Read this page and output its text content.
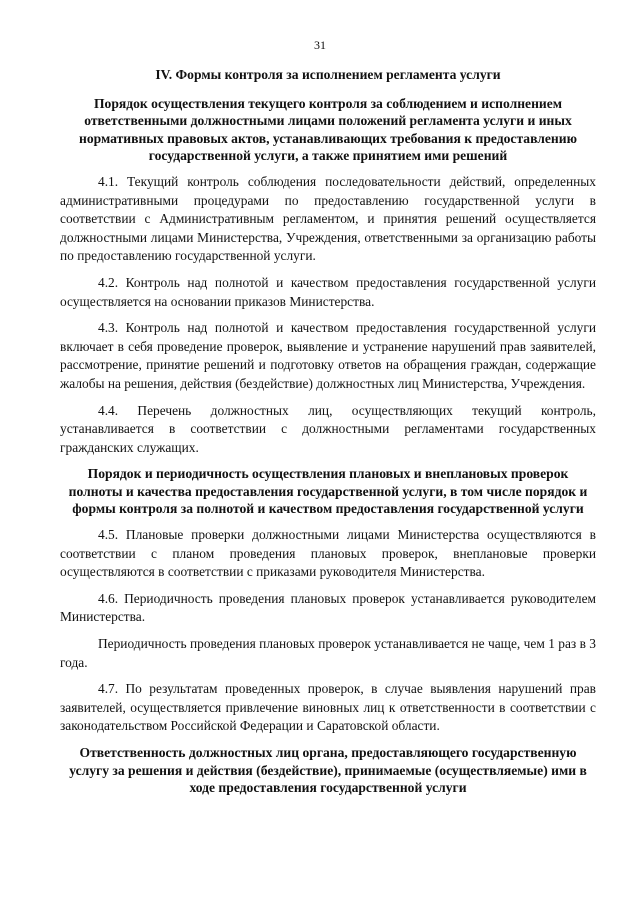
31
IV. Формы контроля за исполнением регламента услуги
Порядок осуществления текущего контроля за соблюдением и исполнением ответственными должностными лицами положений регламента услуги и иных нормативных правовых актов, устанавливающих требования к предоставлению государственной услуги, а также принятием ими решений

4.1. Текущий контроль соблюдения последовательности действий, определенных административными процедурами по предоставлению государственной услуги в соответствии с Административным регламентом, и принятия решений осуществляется должностными лицами Министерства, Учреждения, ответственными за организацию работы по предоставлению государственной услуги.

4.2. Контроль над полнотой и качеством предоставления государственной услуги осуществляется на основании приказов Министерства.

4.3. Контроль над полнотой и качеством предоставления государственной услуги включает в себя проведение проверок, выявление и устранение нарушений прав заявителей, рассмотрение, принятие решений и подготовку ответов на обращения граждан, содержащие жалобы на решения, действия (бездействие) должностных лиц Министерства, Учреждения.

4.4. Перечень должностных лиц, осуществляющих текущий контроль, устанавливается в соответствии с должностными регламентами государственных гражданских служащих.

Порядок и периодичность осуществления плановых и внеплановых проверок полноты и качества предоставления государственной услуги, в том числе порядок и формы контроля за полнотой и качеством предоставления государственной услуги

4.5. Плановые проверки должностными лицами Министерства осуществляются в соответствии с планом проведения плановых проверок, внеплановые проверки осуществляются в соответствии с приказами руководителя Министерства.

4.6. Периодичность проведения плановых проверок устанавливается руководителем Министерства.

Периодичность проведения плановых проверок устанавливается не чаще, чем 1 раз в 3 года.

4.7. По результатам проведенных проверок, в случае выявления нарушений прав заявителей, осуществляется привлечение виновных лиц к ответственности в соответствии с законодательством Российской Федерации и Саратовской области.

Ответственность должностных лиц органа, предоставляющего государственную услугу за решения и действия (бездействие), принимаемые (осуществляемые) ими в ходе предоставления государственной услуги
